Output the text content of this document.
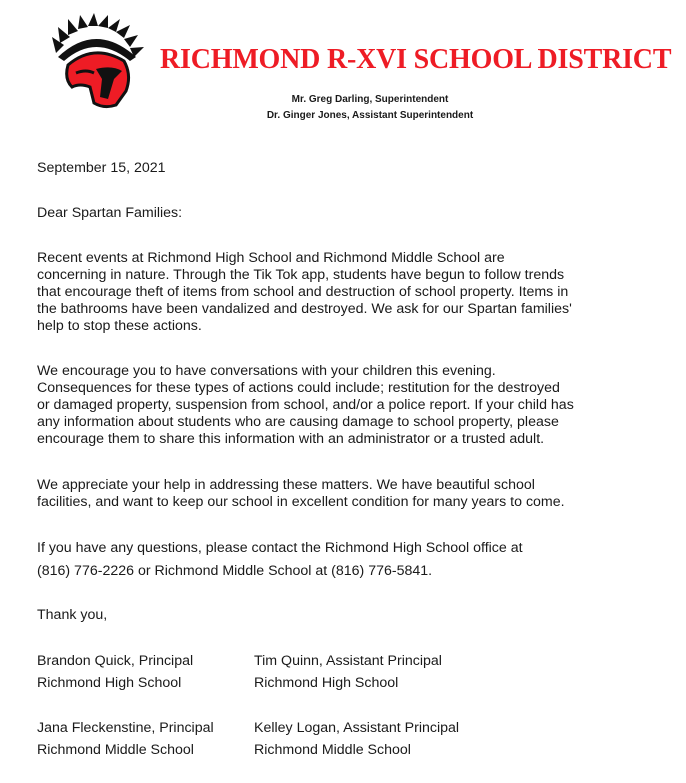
RICHMOND R-XVI SCHOOL DISTRICT
Mr. Greg Darling, Superintendent
Dr. Ginger Jones, Assistant Superintendent
September 15, 2021
Dear Spartan Families:
Recent events at Richmond High School and Richmond Middle School are
concerning in nature. Through the Tik Tok app, students have begun to follow trends
that encourage theft of items from school and destruction of school property. Items in
the bathrooms have been vandalized and destroyed. We ask for our Spartan families'
help to stop these actions.
We encourage you to have conversations with your children this evening.
Consequences for these types of actions could include; restitution for the destroyed
or damaged property, suspension from school, and/or a police report. If your child has
any information about students who are causing damage to school property, please
encourage them to share this information with an administrator or a trusted adult.
We appreciate your help in addressing these matters. We have beautiful school
facilities, and want to keep our school in excellent condition for many years to come.
If you have any questions, please contact the Richmond High School office at
(816) 776-2226 or Richmond Middle School at (816) 776-5841.
Thank you,
Brandon Quick, Principal
Richmond High School
Tim Quinn, Assistant Principal
Richmond High School
Jana Fleckenstine, Principal
Richmond Middle School
Kelley Logan, Assistant Principal
Richmond Middle School
